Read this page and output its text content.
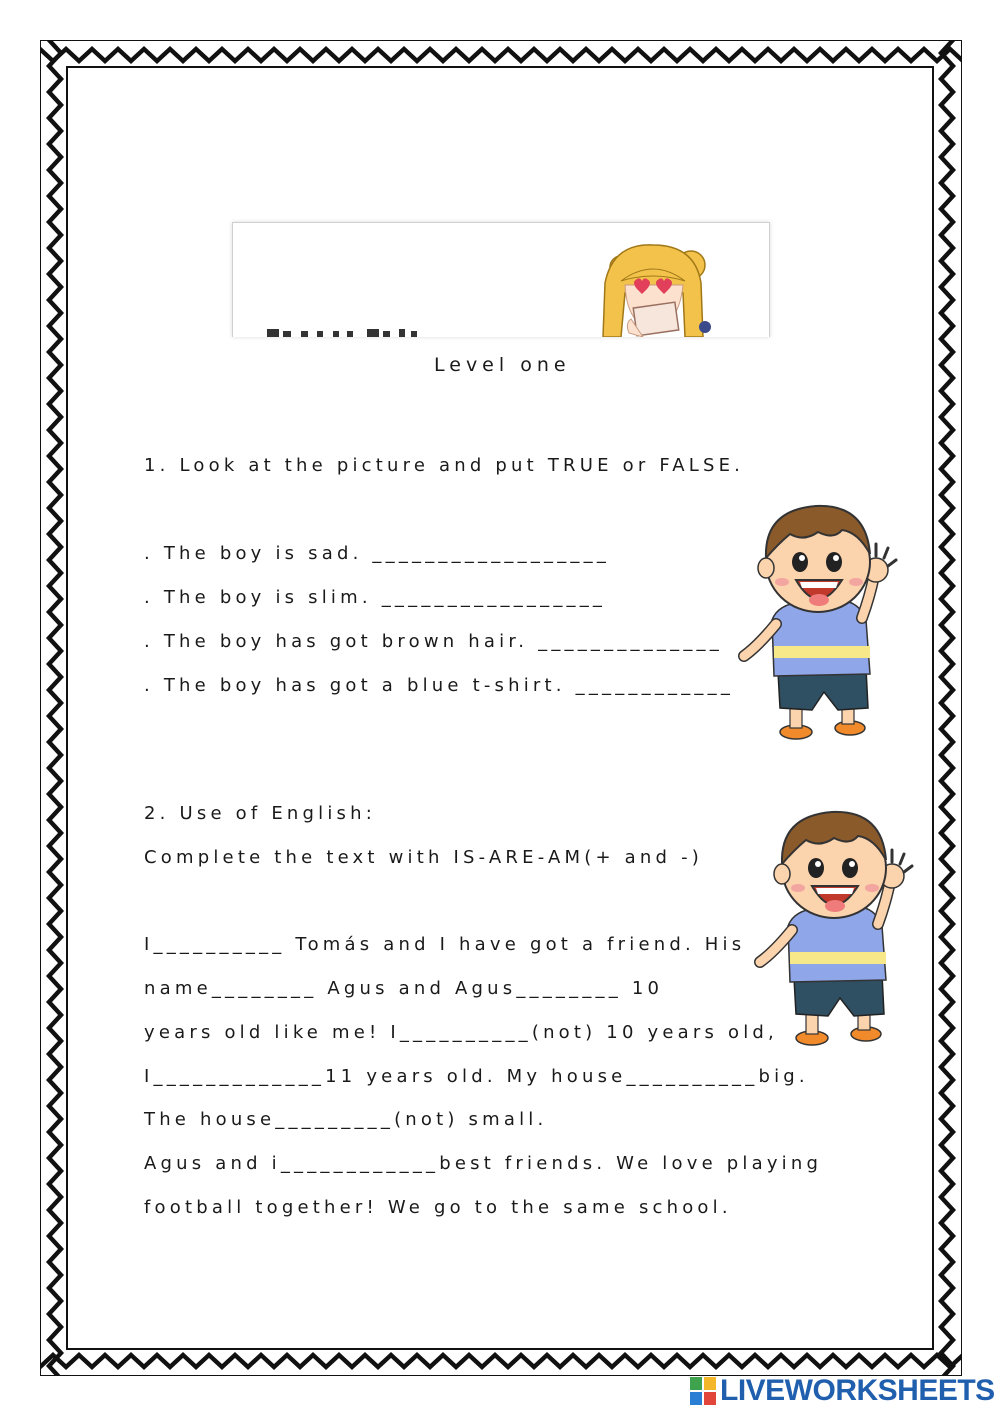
Level one
1. Look at the picture and put TRUE or FALSE.
. The boy is sad. __________________
. The boy is slim. _________________
. The boy has got brown hair. ______________
. The boy has got a blue t-shirt. ____________
2. Use of English:
Complete the text with IS-ARE-AM(+ and -)
I__________ Tomás and I have got a friend. His
name________ Agus and Agus________ 10
years old like me! I__________(not) 10 years old,
I_____________11 years old. My house__________big.
The house_________(not) small.
Agus and i____________best friends. We love playing
football together! We go to the same school.
LIVEWORKSHEETS
